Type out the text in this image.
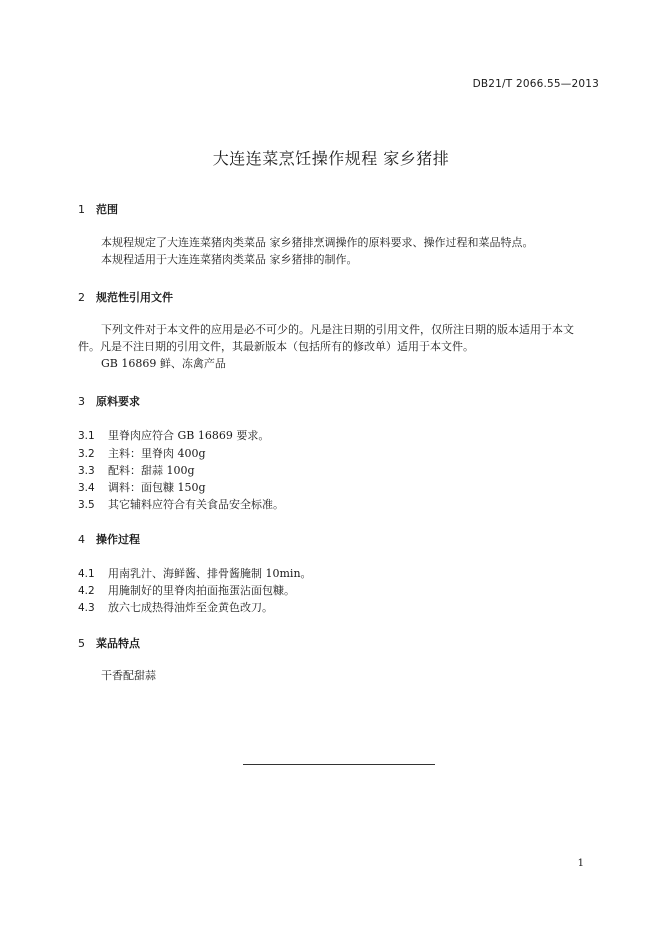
DB21/T 2066.55—2013
大连连菜烹饪操作规程 家乡猪排
1 范围
本规程规定了大连连菜猪肉类菜品 家乡猪排烹调操作的原料要求、操作过程和菜品特点。
本规程适用于大连连菜猪肉类菜品 家乡猪排的制作。
2 规范性引用文件
下列文件对于本文件的应用是必不可少的。凡是注日期的引用文件，仅所注日期的版本适用于本文
件。凡是不注日期的引用文件，其最新版本（包括所有的修改单）适用于本文件。
GB 16869 鲜、冻禽产品
3 原料要求
3.1 里脊肉应符合 GB 16869 要求。
3.2 主料：里脊肉 400g
3.3 配料：甜蒜 100g
3.4 调料：面包糠 150g
3.5 其它辅料应符合有关食品安全标准。
4 操作过程
4.1 用南乳汁、海鲜酱、排骨酱腌制 10min。
4.2 用腌制好的里脊肉拍面拖蛋沾面包糠。
4.3 放六七成热得油炸至金黄色改刀。
5 菜品特点
干香配甜蒜
1
